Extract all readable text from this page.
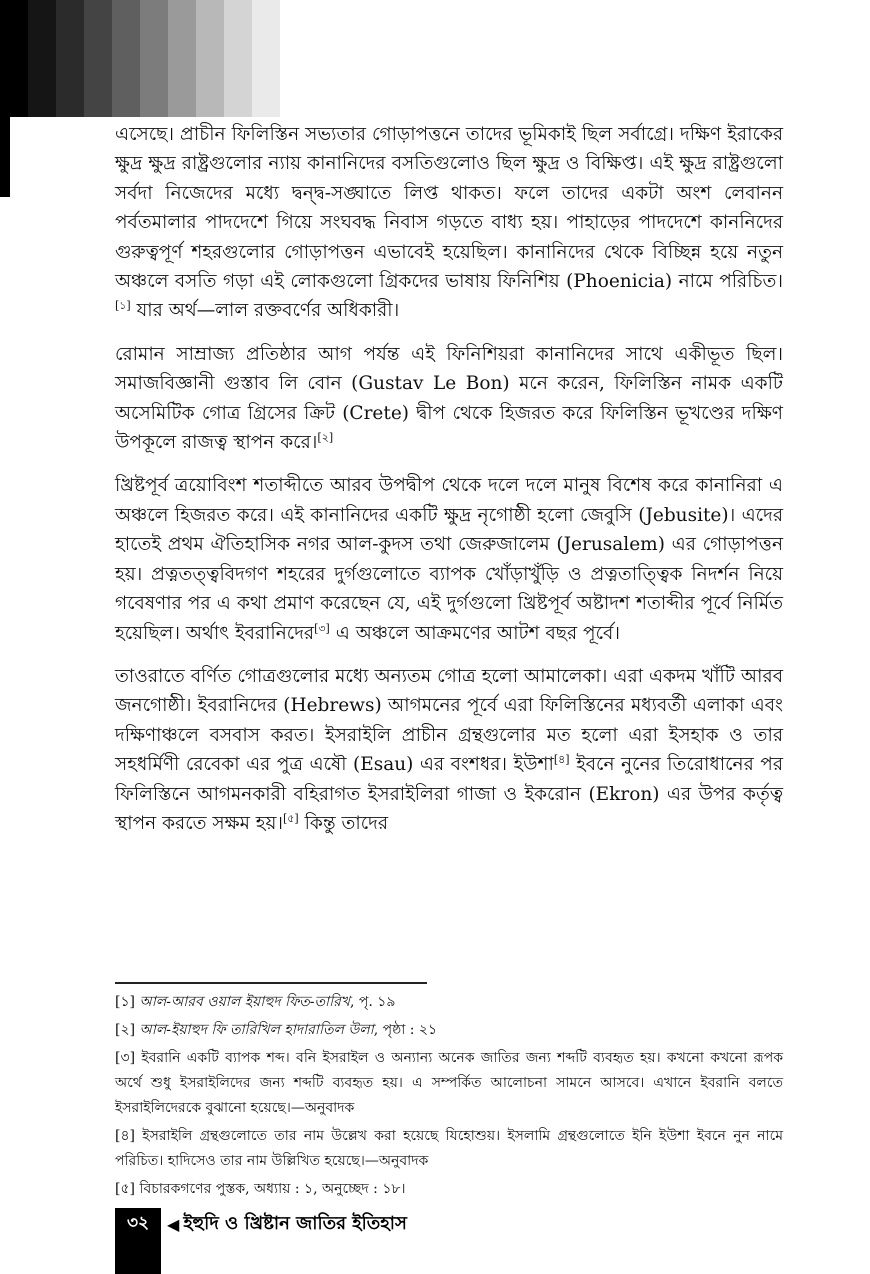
এসেছে। প্রাচীন ফিলিস্তিন সভ্যতার গোড়াপত্তনে তাদের ভূমিকাই ছিল সর্বাগ্রে। দক্ষিণ ইরাকের ক্ষুদ্র ক্ষুদ্র রাষ্ট্রগুলোর ন্যায় কানানিদের বসতিগুলোও ছিল ক্ষুদ্র ও বিক্ষিপ্ত। এই ক্ষুদ্র রাষ্ট্রগুলো সর্বদা নিজেদের মধ্যে দ্বন্দ্ব-সঙ্ঘাতে লিপ্ত থাকত। ফলে তাদের একটা অংশ লেবানন পর্বতমালার পাদদেশে গিয়ে সংঘবদ্ধ নিবাস গড়তে বাধ্য হয়। পাহাড়ের পাদদেশে কাননিদের গুরুত্বপূর্ণ শহরগুলোর গোড়াপত্তন এভাবেই হয়েছিল। কানানিদের থেকে বিচ্ছিন্ন হয়ে নতুন অঞ্চলে বসতি গড়া এই লোকগুলো গ্রিকদের ভাষায় ফিনিশিয় (Phoenicia) নামে পরিচিত।[১] যার অর্থ—লাল রক্তবর্ণের অধিকারী।

রোমান সাম্রাজ্য প্রতিষ্ঠার আগ পর্যন্ত এই ফিনিশিয়রা কানানিদের সাথে একীভূত ছিল। সমাজবিজ্ঞানী গুস্তাব লি বোন (Gustav Le Bon) মনে করেন, ফিলিস্তিন নামক একটি অসেমিটিক গোত্র গ্রিসের ক্রিট (Crete) দ্বীপ থেকে হিজরত করে ফিলিস্তিন ভূখণ্ডের দক্ষিণ উপকূলে রাজত্ব স্থাপন করে।[২]

খ্রিষ্টপূর্ব ত্রয়োবিংশ শতাব্দীতে আরব উপদ্বীপ থেকে দলে দলে মানুষ বিশেষ করে কানানিরা এ অঞ্চলে হিজরত করে। এই কানানিদের একটি ক্ষুদ্র নৃগোষ্ঠী হলো জেবুসি (Jebusite)। এদের হাতেই প্রথম ঐতিহাসিক নগর আল-কুদস তথা জেরুজালেম (Jerusalem) এর গোড়াপত্তন হয়। প্রত্নতত্ত্ববিদগণ শহরের দুর্গগুলোতে ব্যাপক খোঁড়াখুঁড়ি ও প্রত্নতাত্ত্বিক নিদর্শন নিয়ে গবেষণার পর এ কথা প্রমাণ করেছেন যে, এই দুর্গগুলো খ্রিষ্টপূর্ব অষ্টাদশ শতাব্দীর পূর্বে নির্মিত হয়েছিল। অর্থাৎ ইবরানিদের[৩] এ অঞ্চলে আক্রমণের আটশ বছর পূর্বে।

তাওরাতে বর্ণিত গোত্রগুলোর মধ্যে অন্যতম গোত্র হলো আমালেকা। এরা একদম খাঁটি আরব জনগোষ্ঠী। ইবরানিদের (Hebrews) আগমনের পূর্বে এরা ফিলিস্তিনের মধ্যবর্তী এলাকা এবং দক্ষিণাঞ্চলে বসবাস করত। ইসরাইলি প্রাচীন গ্রন্থগুলোর মত হলো এরা ইসহাক ও তার সহধর্মিণী রেবেকা এর পুত্র এষৌ (Esau) এর বংশধর। ইউশা[৪] ইবনে নুনের তিরোধানের পর ফিলিস্তিনে আগমনকারী বহিরাগত ইসরাইলিরা গাজা ও ইকরোন (Ekron) এর উপর কর্তৃত্ব স্থাপন করতে সক্ষম হয়।[৫] কিন্তু তাদের

[১] আল-আরব ওয়াল ইয়াহুদ ফিত-তারিখ, পৃ. ১৯

[২] আল-ইয়াহুদ ফি তারিখিল হাদারাতিল উলা, পৃষ্ঠা : ২১

[৩] ইবরানি একটি ব্যাপক শব্দ। বনি ইসরাইল ও অন্যান্য অনেক জাতির জন্য শব্দটি ব্যবহৃত হয়। কখনো কখনো রূপক অর্থে শুধু ইসরাইলিদের জন্য শব্দটি ব্যবহৃত হয়। এ সম্পর্কিত আলোচনা সামনে আসবে। এখানে ইবরানি বলতে ইসরাইলিদেরকে বুঝানো হয়েছে।—অনুবাদক

[৪] ইসরাইলি গ্রন্থগুলোতে তার নাম উল্লেখ করা হয়েছে যিহোশুয়। ইসলামি গ্রন্থগুলোতে ইনি ইউশা ইবনে নুন নামে পরিচিত। হাদিসেও তার নাম উল্লিখিত হয়েছে।—অনুবাদক

[৫] বিচারকগণের পুস্তক, অধ্যায় : ১, অনুচ্ছেদ : ১৮।

৩২	◀ ইহুদি ও খ্রিষ্টান জাতির ইতিহাস
